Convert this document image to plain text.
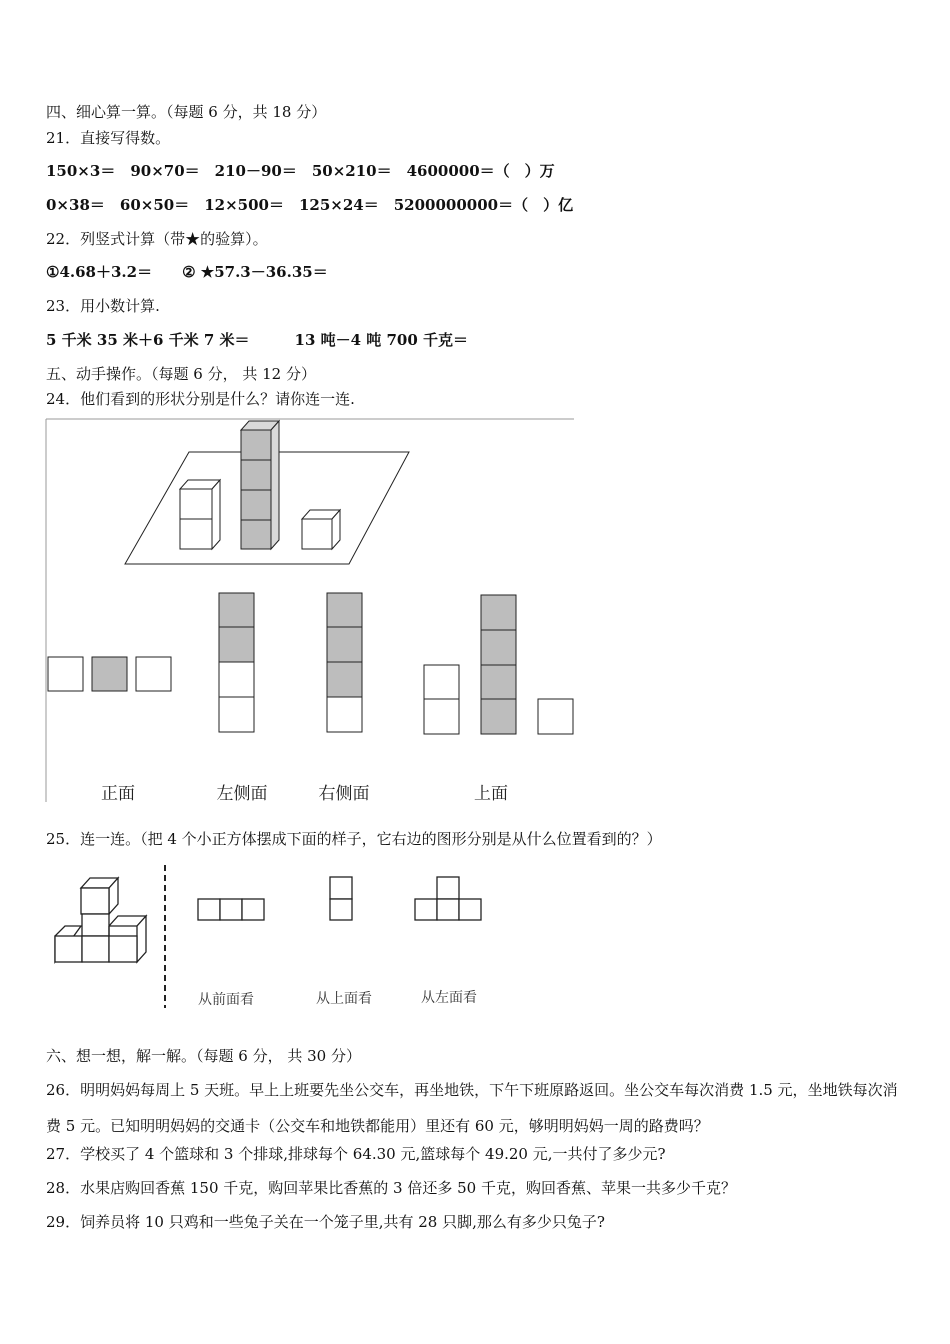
四、细心算一算。（每题 6 分，共 18 分）
21．直接写得数。
150×3＝　90×70＝　210－90＝　50×210＝　4600000＝（　）万
0×38＝　60×50＝　12×500＝　125×24＝　5200000000＝（　）亿
22．列竖式计算（带★的验算）。
①4.68＋3.2＝　　② ★57.3－36.35＝
23．用小数计算.
5 千米 35 米＋6 千米 7 米＝　　　13 吨－4 吨 700 千克＝
五、动手操作。（每题 6 分， 共 12 分）
24．他们看到的形状分别是什么？请你连一连.
正面	左侧面	右侧面	上面
25．连一连。（把 4 个小正方体摆成下面的样子，它右边的图形分别是从什么位置看到的？）
从前面看	从上面看	从左面看
六、想一想，解一解。（每题 6 分， 共 30 分）
26．明明妈妈每周上 5 天班。早上上班要先坐公交车，再坐地铁，下午下班原路返回。坐公交车每次消费 1.5 元，坐地铁每次消费 5 元。已知明明妈妈的交通卡（公交车和地铁都能用）里还有 60 元，够明明妈妈一周的路费吗？
27．学校买了 4 个篮球和 3 个排球,排球每个 64.30 元,篮球每个 49.20 元,一共付了多少元?
28．水果店购回香蕉 150 千克，购回苹果比香蕉的 3 倍还多 50 千克，购回香蕉、苹果一共多少千克？
29．饲养员将 10 只鸡和一些兔子关在一个笼子里,共有 28 只脚,那么有多少只兔子?
